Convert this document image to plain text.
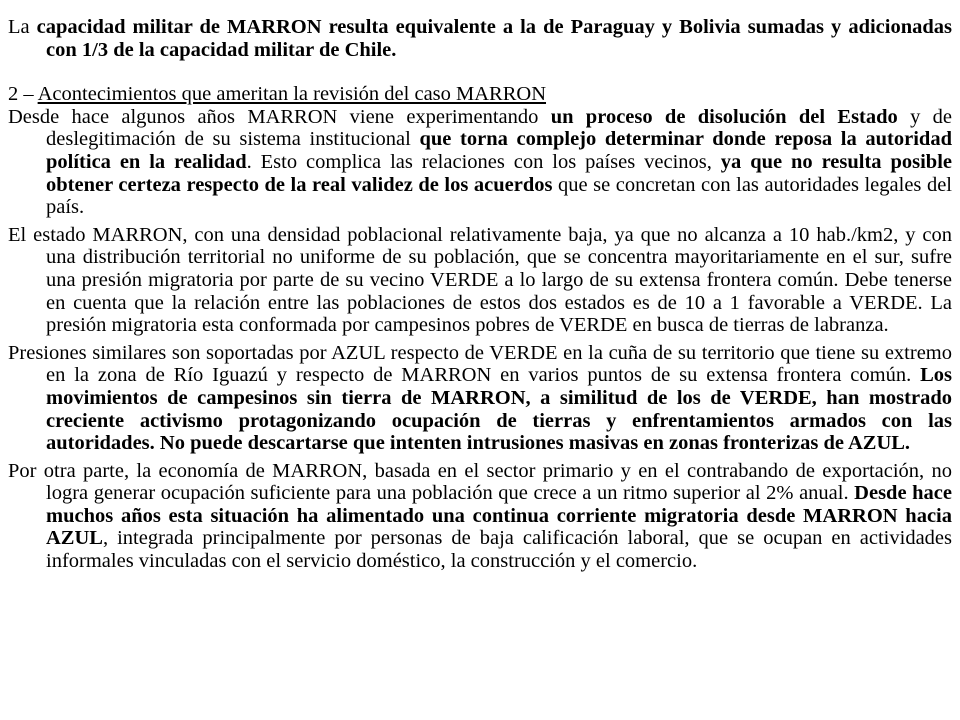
La capacidad militar de MARRON resulta equivalente a la de Paraguay y Bolivia sumadas y adicionadas con 1/3 de la capacidad militar de Chile.

2 – Acontecimientos que ameritan la revisión del caso MARRON

Desde hace algunos años MARRON viene experimentando un proceso de disolución del Estado y de deslegitimación de su sistema institucional que torna complejo determinar donde reposa la autoridad política en la realidad. Esto complica las relaciones con los países vecinos, ya que no resulta posible obtener certeza respecto de la real validez de los acuerdos que se concretan con las autoridades legales del país.

El estado MARRON, con una densidad poblacional relativamente baja, ya que no alcanza a 10 hab./km2, y con una distribución territorial no uniforme de su población, que se concentra mayoritariamente en el sur, sufre una presión migratoria por parte de su vecino VERDE a lo largo de su extensa frontera común. Debe tenerse en cuenta que la relación entre las poblaciones de estos dos estados es de 10 a 1 favorable a VERDE. La presión migratoria esta conformada por campesinos pobres de VERDE en busca de tierras de labranza.

Presiones similares son soportadas por AZUL respecto de VERDE en la cuña de su territorio que tiene su extremo en la zona de Río Iguazú y respecto de MARRON en varios puntos de su extensa frontera común. Los movimientos de campesinos sin tierra de MARRON, a similitud de los de VERDE, han mostrado creciente activismo protagonizando ocupación de tierras y enfrentamientos armados con las autoridades. No puede descartarse que intenten intrusiones masivas en zonas fronterizas de AZUL.

Por otra parte, la economía de MARRON, basada en el sector primario y en el contrabando de exportación, no logra generar ocupación suficiente para una población que crece a un ritmo superior al 2% anual. Desde hace muchos años esta situación ha alimentado una continua corriente migratoria desde MARRON hacia AZUL, integrada principalmente por personas de baja calificación laboral, que se ocupan en actividades informales vinculadas con el servicio doméstico, la construcción y el comercio.
